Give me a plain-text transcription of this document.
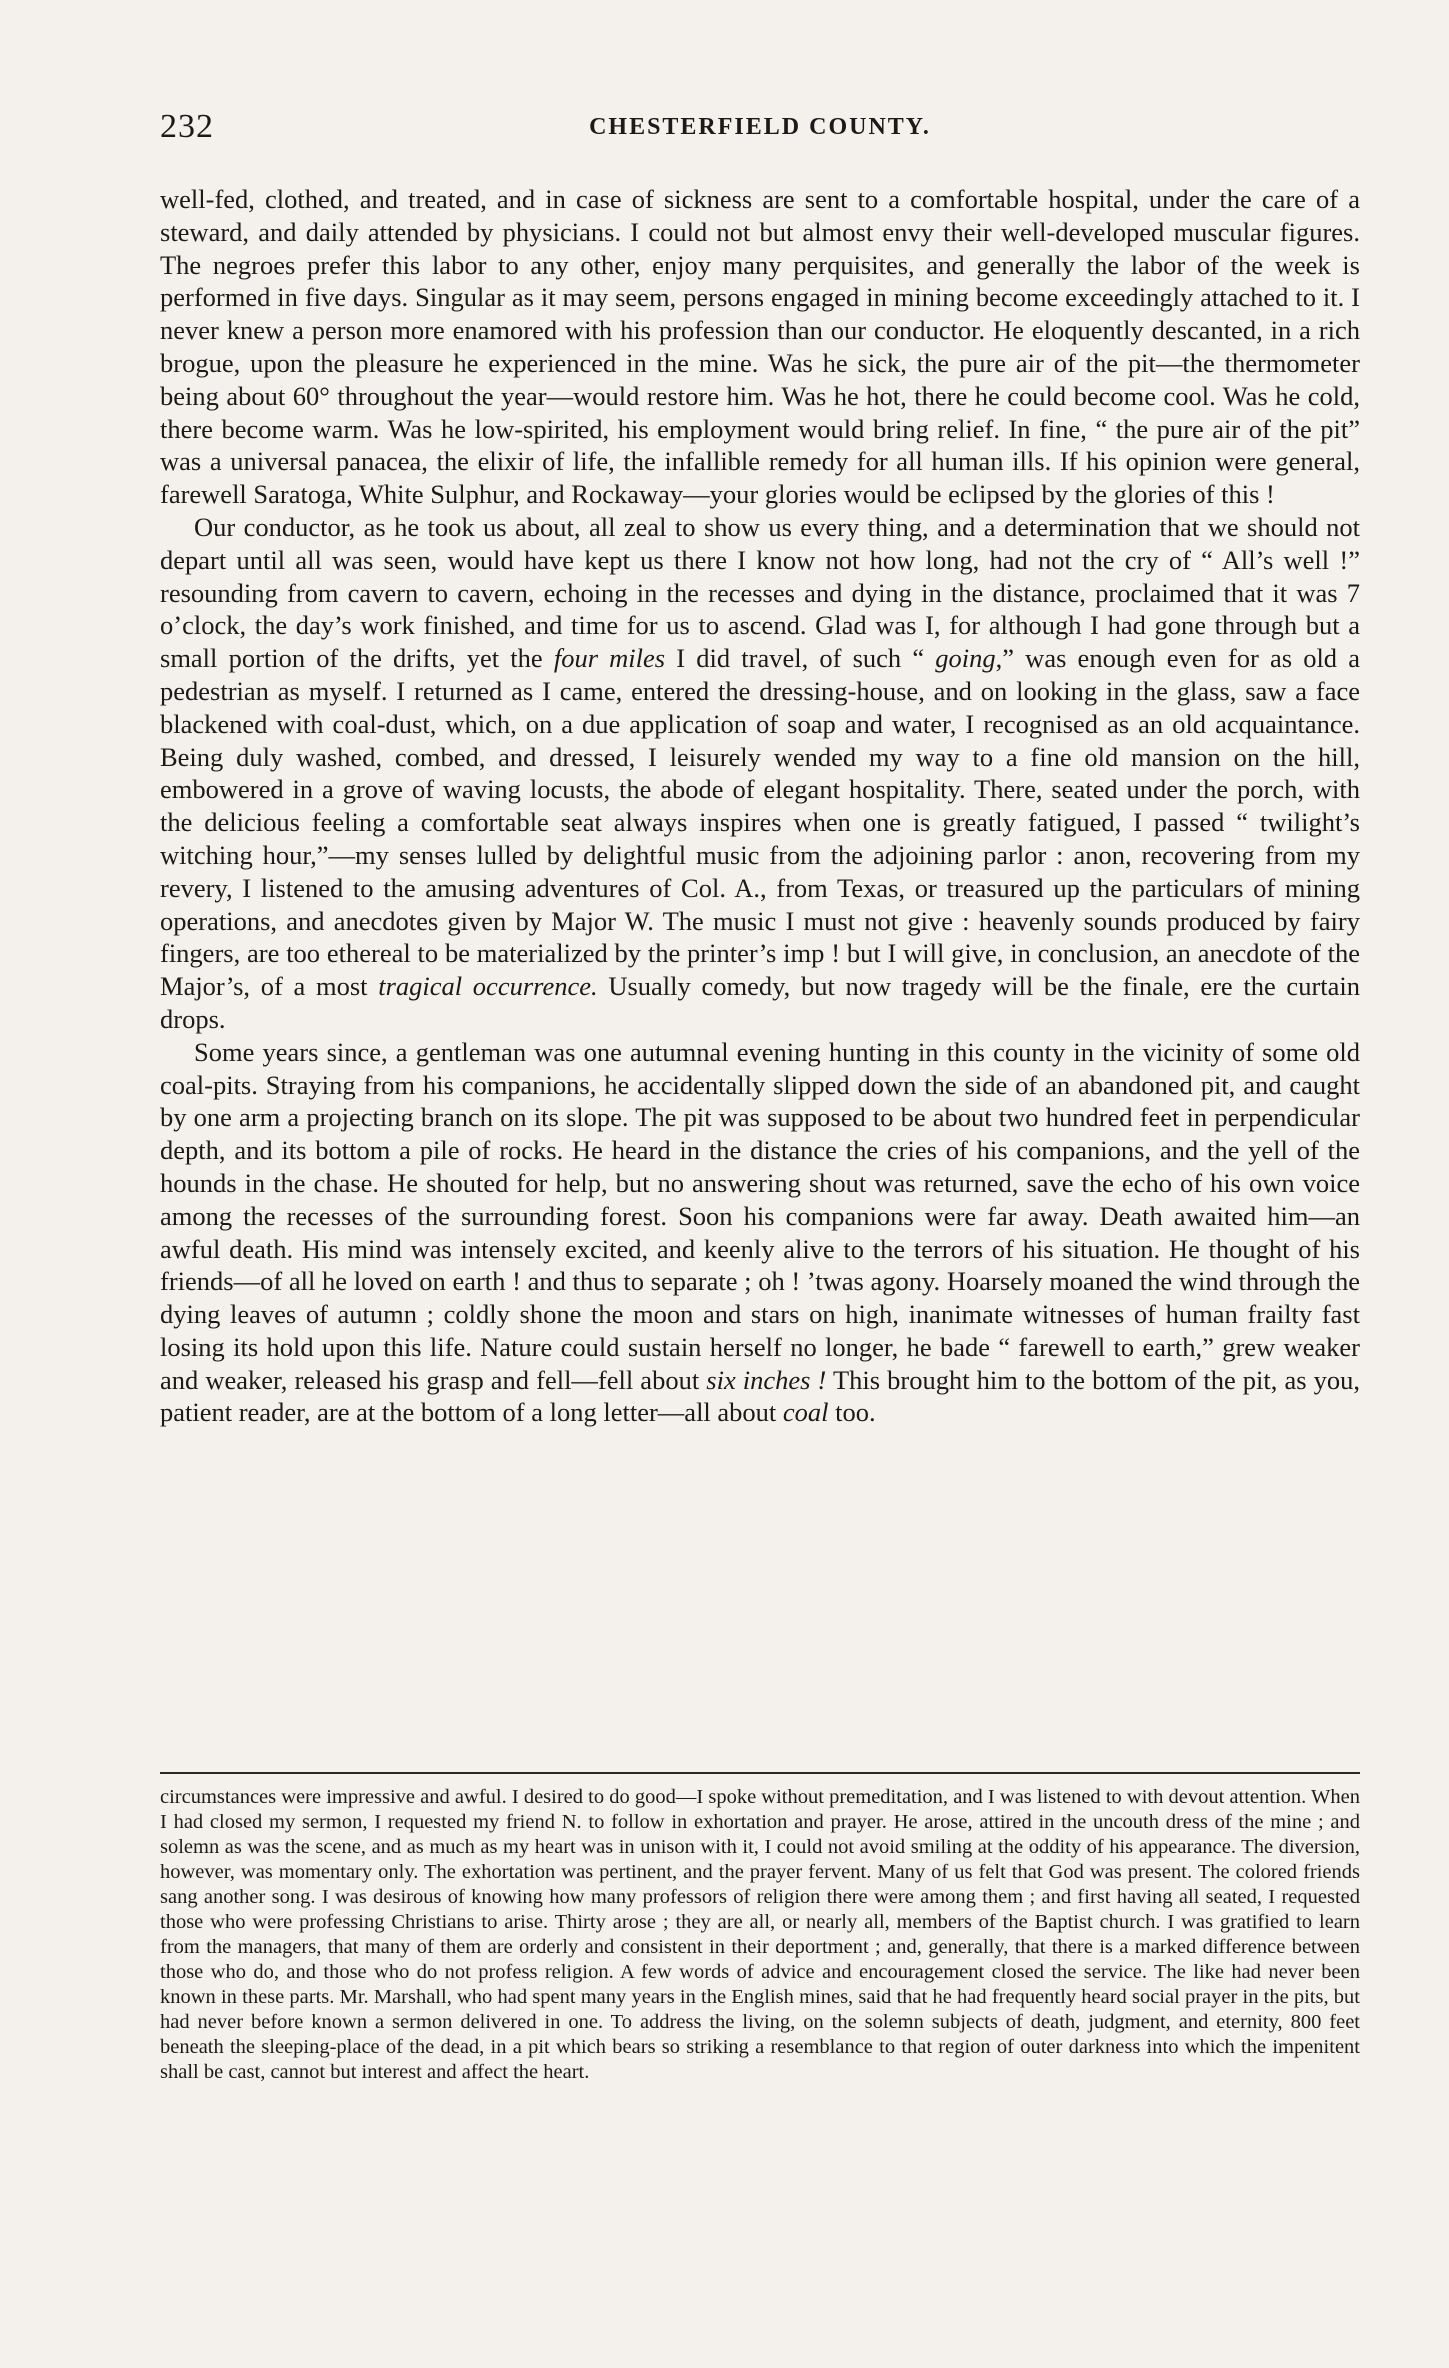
232	CHESTERFIELD COUNTY.

well-fed, clothed, and treated, and in case of sickness are sent to a comfortable hospital, under the care of a steward, and daily attended by physicians. I could not but almost envy their well-developed muscular figures. The negroes prefer this labor to any other, enjoy many perquisites, and generally the labor of the week is performed in five days. Singular as it may seem, persons engaged in mining become exceedingly attached to it. I never knew a person more enamored with his profession than our conductor. He eloquently descanted, in a rich brogue, upon the pleasure he experienced in the mine. Was he sick, the pure air of the pit—the thermometer being about 60° throughout the year—would restore him. Was he hot, there he could become cool. Was he cold, there become warm. Was he low-spirited, his employment would bring relief. In fine, “ the pure air of the pit” was a universal panacea, the elixir of life, the infallible remedy for all human ills. If his opinion were general, farewell Saratoga, White Sulphur, and Rockaway—your glories would be eclipsed by the glories of this !

Our conductor, as he took us about, all zeal to show us every thing, and a determination that we should not depart until all was seen, would have kept us there I know not how long, had not the cry of “ All’s well !” resounding from cavern to cavern, echoing in the recesses and dying in the distance, proclaimed that it was 7 o’clock, the day’s work finished, and time for us to ascend. Glad was I, for although I had gone through but a small portion of the drifts, yet the four miles I did travel, of such “ going,” was enough even for as old a pedestrian as myself. I returned as I came, entered the dressing-house, and on looking in the glass, saw a face blackened with coal-dust, which, on a due application of soap and water, I recognised as an old acquaintance. Being duly washed, combed, and dressed, I leisurely wended my way to a fine old mansion on the hill, embowered in a grove of waving locusts, the abode of elegant hospitality. There, seated under the porch, with the delicious feeling a comfortable seat always inspires when one is greatly fatigued, I passed “ twilight’s witching hour,”—my senses lulled by delightful music from the adjoining parlor : anon, recovering from my revery, I listened to the amusing adventures of Col. A., from Texas, or treasured up the particulars of mining operations, and anecdotes given by Major W. The music I must not give : heavenly sounds produced by fairy fingers, are too ethereal to be materialized by the printer’s imp ! but I will give, in conclusion, an anecdote of the Major’s, of a most tragical occurrence. Usually comedy, but now tragedy will be the finale, ere the curtain drops.

Some years since, a gentleman was one autumnal evening hunting in this county in the vicinity of some old coal-pits. Straying from his companions, he accidentally slipped down the side of an abandoned pit, and caught by one arm a projecting branch on its slope. The pit was supposed to be about two hundred feet in perpendicular depth, and its bottom a pile of rocks. He heard in the distance the cries of his companions, and the yell of the hounds in the chase. He shouted for help, but no answering shout was returned, save the echo of his own voice among the recesses of the surrounding forest. Soon his companions were far away. Death awaited him—an awful death. His mind was intensely excited, and keenly alive to the terrors of his situation. He thought of his friends—of all he loved on earth ! and thus to separate ; oh ! ’twas agony. Hoarsely moaned the wind through the dying leaves of autumn ; coldly shone the moon and stars on high, inanimate witnesses of human frailty fast losing its hold upon this life. Nature could sustain herself no longer, he bade “ farewell to earth,” grew weaker and weaker, released his grasp and fell—fell about six inches ! This brought him to the bottom of the pit, as you, patient reader, are at the bottom of a long letter—all about coal too.

circumstances were impressive and awful. I desired to do good—I spoke without premeditation, and I was listened to with devout attention. When I had closed my sermon, I requested my friend N. to follow in exhortation and prayer. He arose, attired in the uncouth dress of the mine ; and solemn as was the scene, and as much as my heart was in unison with it, I could not avoid smiling at the oddity of his appearance. The diversion, however, was momentary only. The exhortation was pertinent, and the prayer fervent. Many of us felt that God was present. The colored friends sang another song. I was desirous of knowing how many professors of religion there were among them ; and first having all seated, I requested those who were professing Christians to arise. Thirty arose ; they are all, or nearly all, members of the Baptist church. I was gratified to learn from the managers, that many of them are orderly and consistent in their deportment ; and, generally, that there is a marked difference between those who do, and those who do not profess religion. A few words of advice and encouragement closed the service. The like had never been known in these parts. Mr. Marshall, who had spent many years in the English mines, said that he had frequently heard social prayer in the pits, but had never before known a sermon delivered in one. To address the living, on the solemn subjects of death, judgment, and eternity, 800 feet beneath the sleeping-place of the dead, in a pit which bears so striking a resemblance to that region of outer darkness into which the impenitent shall be cast, cannot but interest and affect the heart.
